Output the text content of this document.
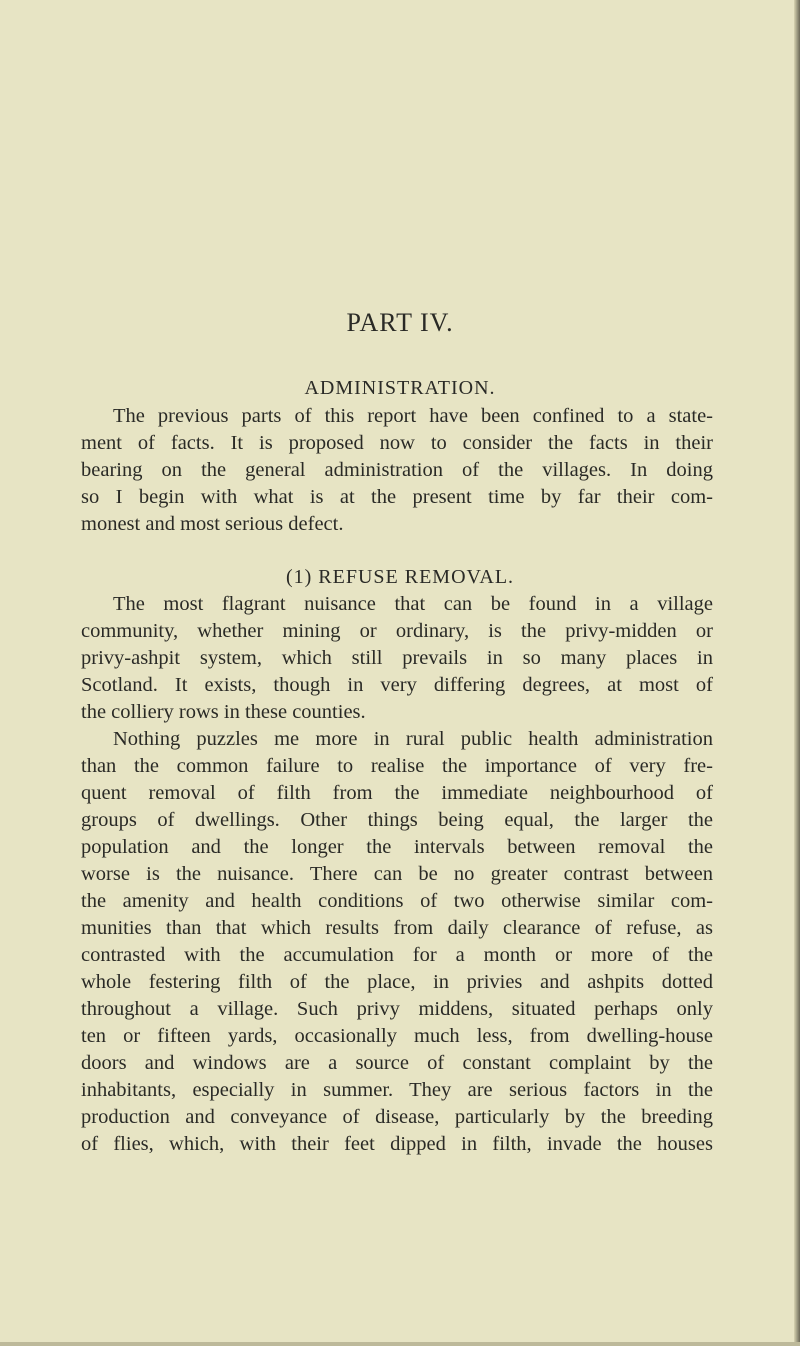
PART IV.
ADMINISTRATION.
The previous parts of this report have been confined to a state-
ment of facts. It is proposed now to consider the facts in their
bearing on the general administration of the villages. In doing
so I begin with what is at the present time by far their com-
monest and most serious defect.
(1) REFUSE REMOVAL.
The most flagrant nuisance that can be found in a village
community, whether mining or ordinary, is the privy-midden or
privy-ashpit system, which still prevails in so many places in
Scotland. It exists, though in very differing degrees, at most of
the colliery rows in these counties.
Nothing puzzles me more in rural public health administration
than the common failure to realise the importance of very fre-
quent removal of filth from the immediate neighbourhood of
groups of dwellings. Other things being equal, the larger the
population and the longer the intervals between removal the
worse is the nuisance. There can be no greater contrast between
the amenity and health conditions of two otherwise similar com-
munities than that which results from daily clearance of refuse, as
contrasted with the accumulation for a month or more of the
whole festering filth of the place, in privies and ashpits dotted
throughout a village. Such privy middens, situated perhaps only
ten or fifteen yards, occasionally much less, from dwelling-house
doors and windows are a source of constant complaint by the
inhabitants, especially in summer. They are serious factors in the
production and conveyance of disease, particularly by the breeding
of flies, which, with their feet dipped in filth, invade the houses
